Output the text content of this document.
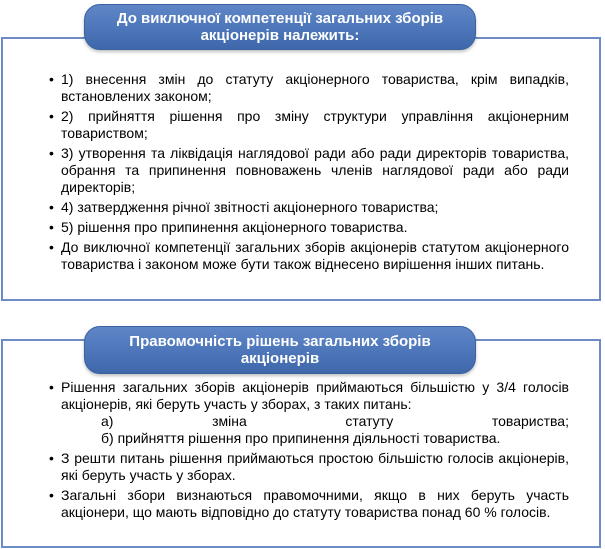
• 1) внесення змін до статуту акціонерного товариства, крім випадків, встановлених законом;
• 2) прийняття рішення про зміну структури управління акціонерним товариством;
• 3) утворення та ліквідація наглядової ради або ради директорів товариства, обрання та припинення повноважень членів наглядової ради або ради директорів;
• 4) затвердження річної звітності акціонерного товариства;
• 5) рішення про припинення акціонерного товариства.
• До виключної компетенції загальних зборів акціонерів статутом акціонерного товариства і законом може бути також віднесено вирішення інших питань.
До виключної компетенції загальних зборів акціонерів належить:
• Рішення загальних зборів акціонерів приймаються більшістю у 3/4 голосів акціонерів, які беруть участь у зборах, з таких питань:
а)	зміна	статуту	товариства;
б) прийняття рішення про припинення діяльності товариства.
• З решти питань рішення приймаються простою більшістю голосів акціонерів, які беруть участь у зборах.
• Загальні збори визнаються правомочними, якщо в них беруть участь акціонери, що мають відповідно до статуту товариства понад 60 % голосів.
Правомочність рішень загальних зборів акціонерів
